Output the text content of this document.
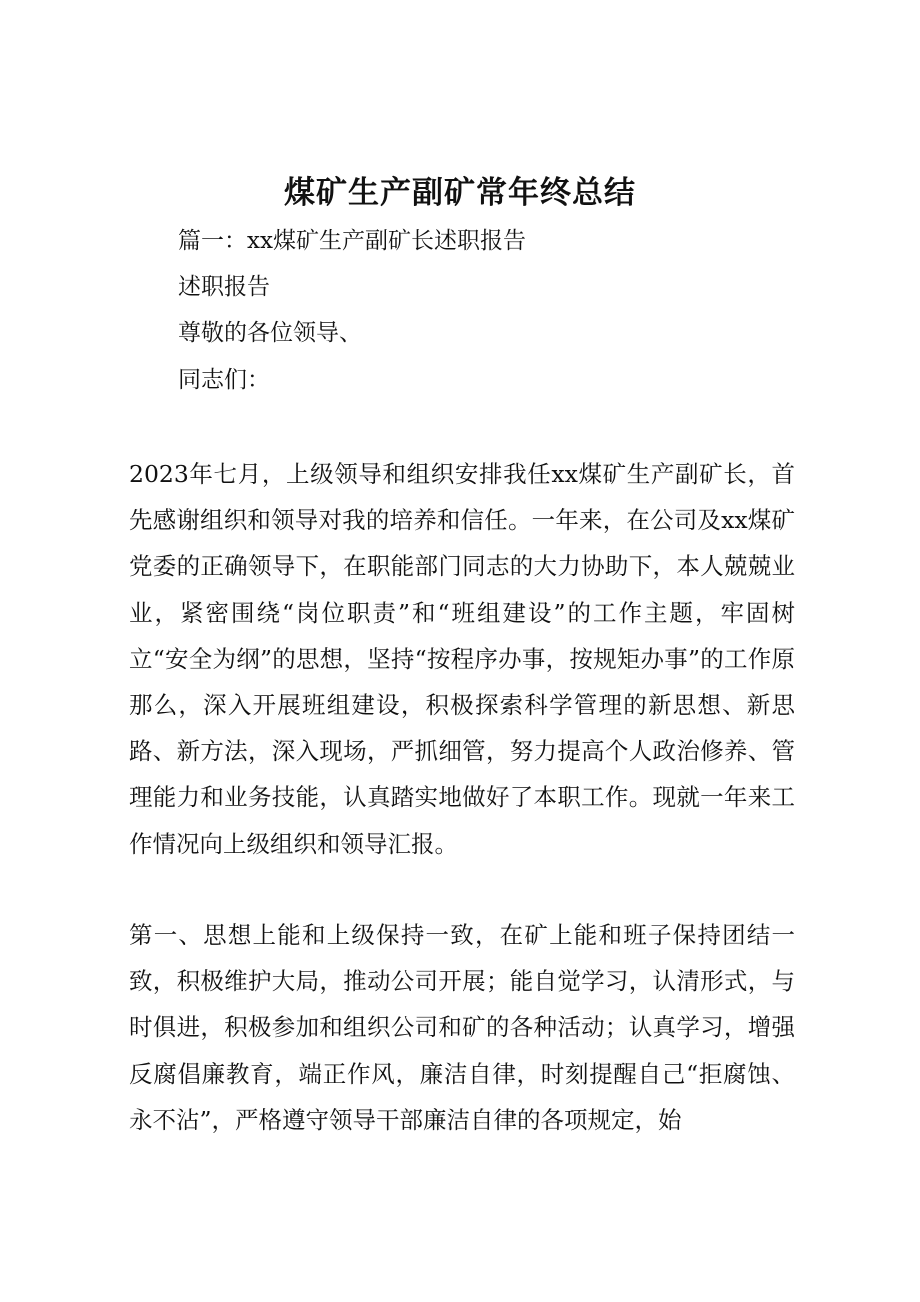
煤矿生产副矿常年终总结
篇一：xx煤矿生产副矿长述职报告
述职报告
尊敬的各位领导、
同志们：
2023年七月，上级领导和组织安排我任xx煤矿生产副矿长，首先感谢组织和领导对我的培养和信任。一年来，在公司及xx煤矿党委的正确领导下，在职能部门同志的大力协助下，本人兢兢业业，紧密围绕“岗位职责”和“班组建设”的工作主题，牢固树立“安全为纲”的思想，坚持“按程序办事，按规矩办事”的工作原那么，深入开展班组建设，积极探索科学管理的新思想、新思路、新方法，深入现场，严抓细管，努力提高个人政治修养、管理能力和业务技能，认真踏实地做好了本职工作。现就一年来工作情况向上级组织和领导汇报。
第一、思想上能和上级保持一致，在矿上能和班子保持团结一致，积极维护大局，推动公司开展；能自觉学习，认清形式，与时俱进，积极参加和组织公司和矿的各种活动；认真学习，增强反腐倡廉教育，端正作风，廉洁自律，时刻提醒自己“拒腐蚀、永不沾”，严格遵守领导干部廉洁自律的各项规定，始
